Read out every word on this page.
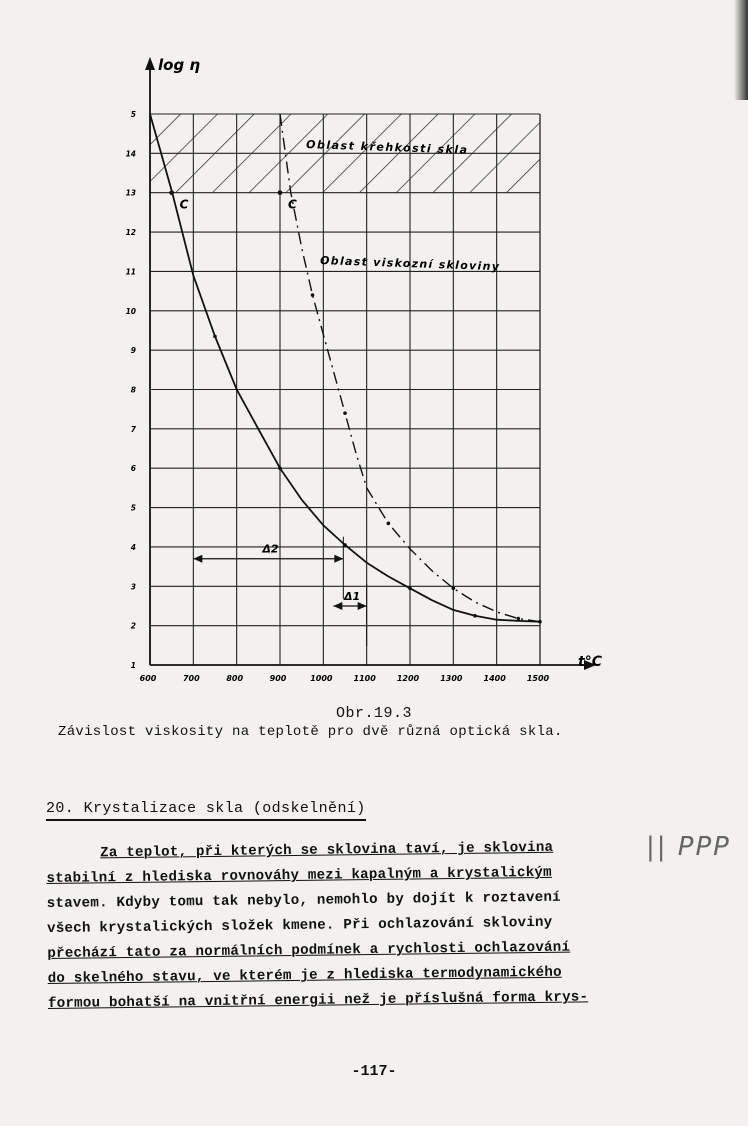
C	C
Δ2
Δ1
600	700	800	900	1000	1100	1200	1300	1400	1500
1
2
3
4
5
6
7
8
9
10
11
12
13
14
5
log η
t°C
Oblast křehkosti skla
Oblast viskozní skloviny
Obr.19.3
Závislost viskosity na teplotě pro dvě různá optická skla.
20. Krystalizace skla (odskelnění)
Za teplot, při kterých se sklovina taví, je sklovina
stabilní z hlediska rovnováhy mezi kapalným a krystalickým
stavem. Kdyby tomu tak nebylo, nemohlo by dojít k roztavení
všech krystalických složek kmene. Při ochlazování skloviny
přechází tato za normálních podmínek a rychlosti ochlazování
do skelného stavu, ve kterém je z hlediska termodynamického
formou bohatší na vnitřní energii než je příslušná forma krys-
|| PPP
-117-
